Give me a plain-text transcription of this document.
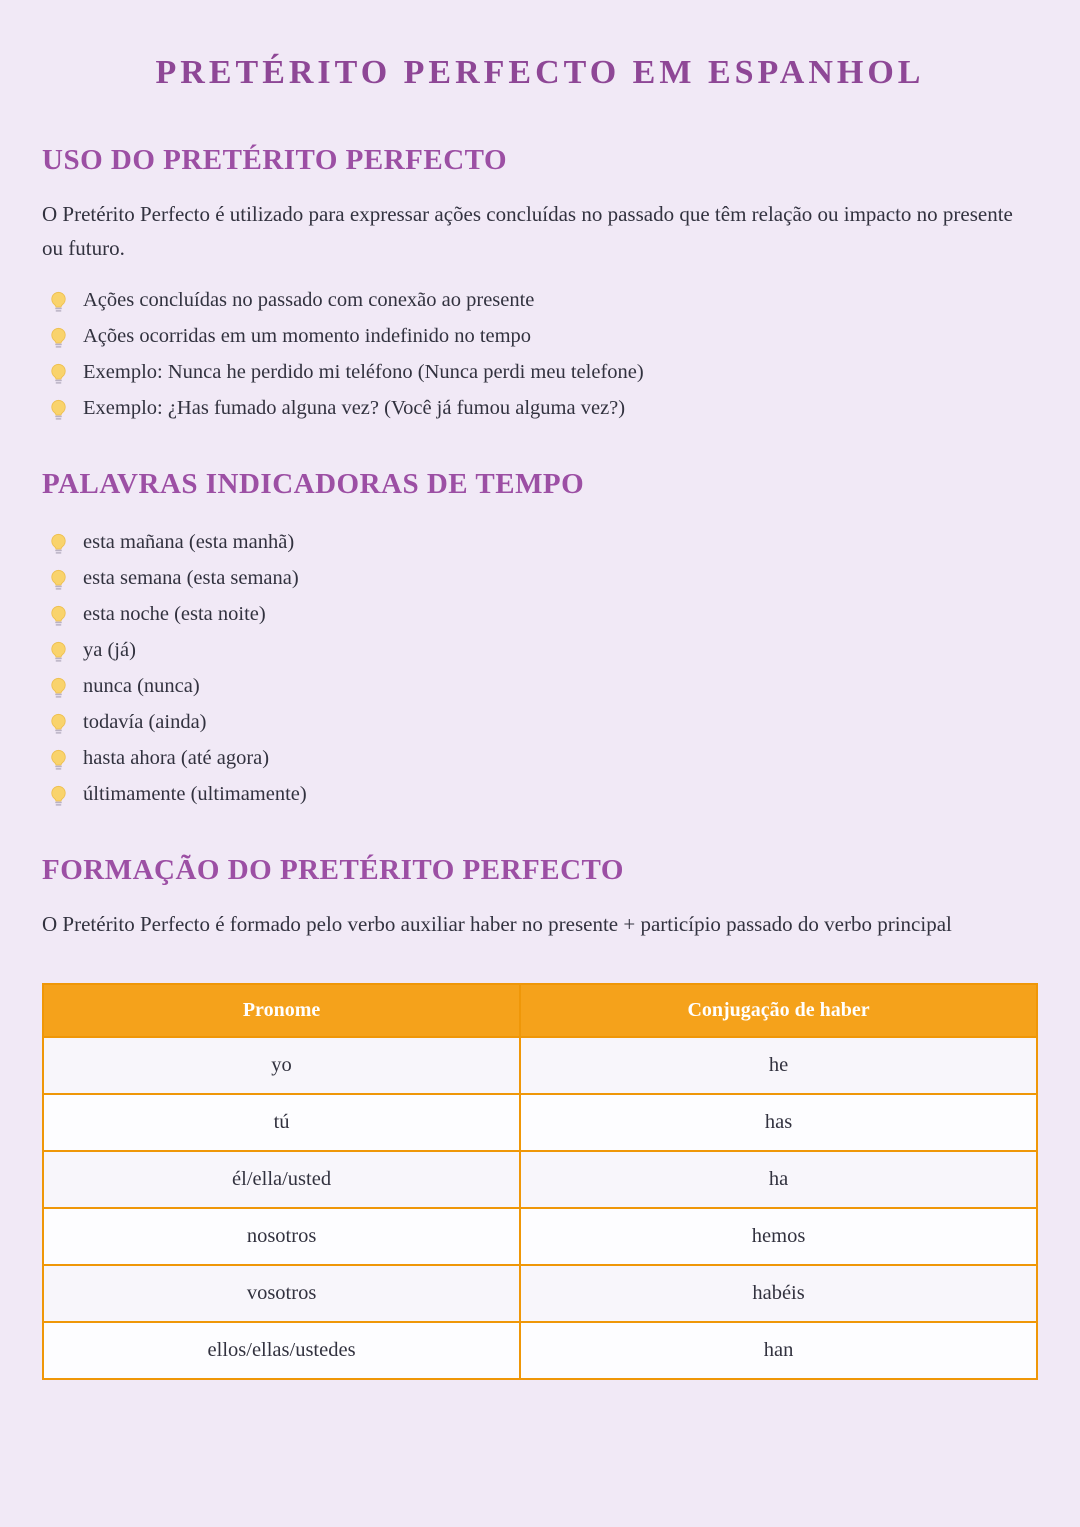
PRETÉRITO PERFECTO EM ESPANHOL
USO DO PRETÉRITO PERFECTO

O Pretérito Perfecto é utilizado para expressar ações concluídas no passado que têm relação ou impacto no presente ou futuro.

Ações concluídas no passado com conexão ao presente
Ações ocorridas em um momento indefinido no tempo
Exemplo: Nunca he perdido mi teléfono (Nunca perdi meu telefone)
Exemplo: ¿Has fumado alguna vez? (Você já fumou alguma vez?)
PALAVRAS INDICADORAS DE TEMPO
esta mañana (esta manhã)
esta semana (esta semana)
esta noche (esta noite)
ya (já)
nunca (nunca)
todavía (ainda)
hasta ahora (até agora)
últimamente (ultimamente)
FORMAÇÃO DO PRETÉRITO PERFECTO

O Pretérito Perfecto é formado pelo verbo auxiliar haber no presente + particípio passado do verbo principal

Pronome	Conjugação de haber
yo	he
tú	has
él/ella/usted	ha
nosotros	hemos
vosotros	habéis
ellos/ellas/ustedes	han
